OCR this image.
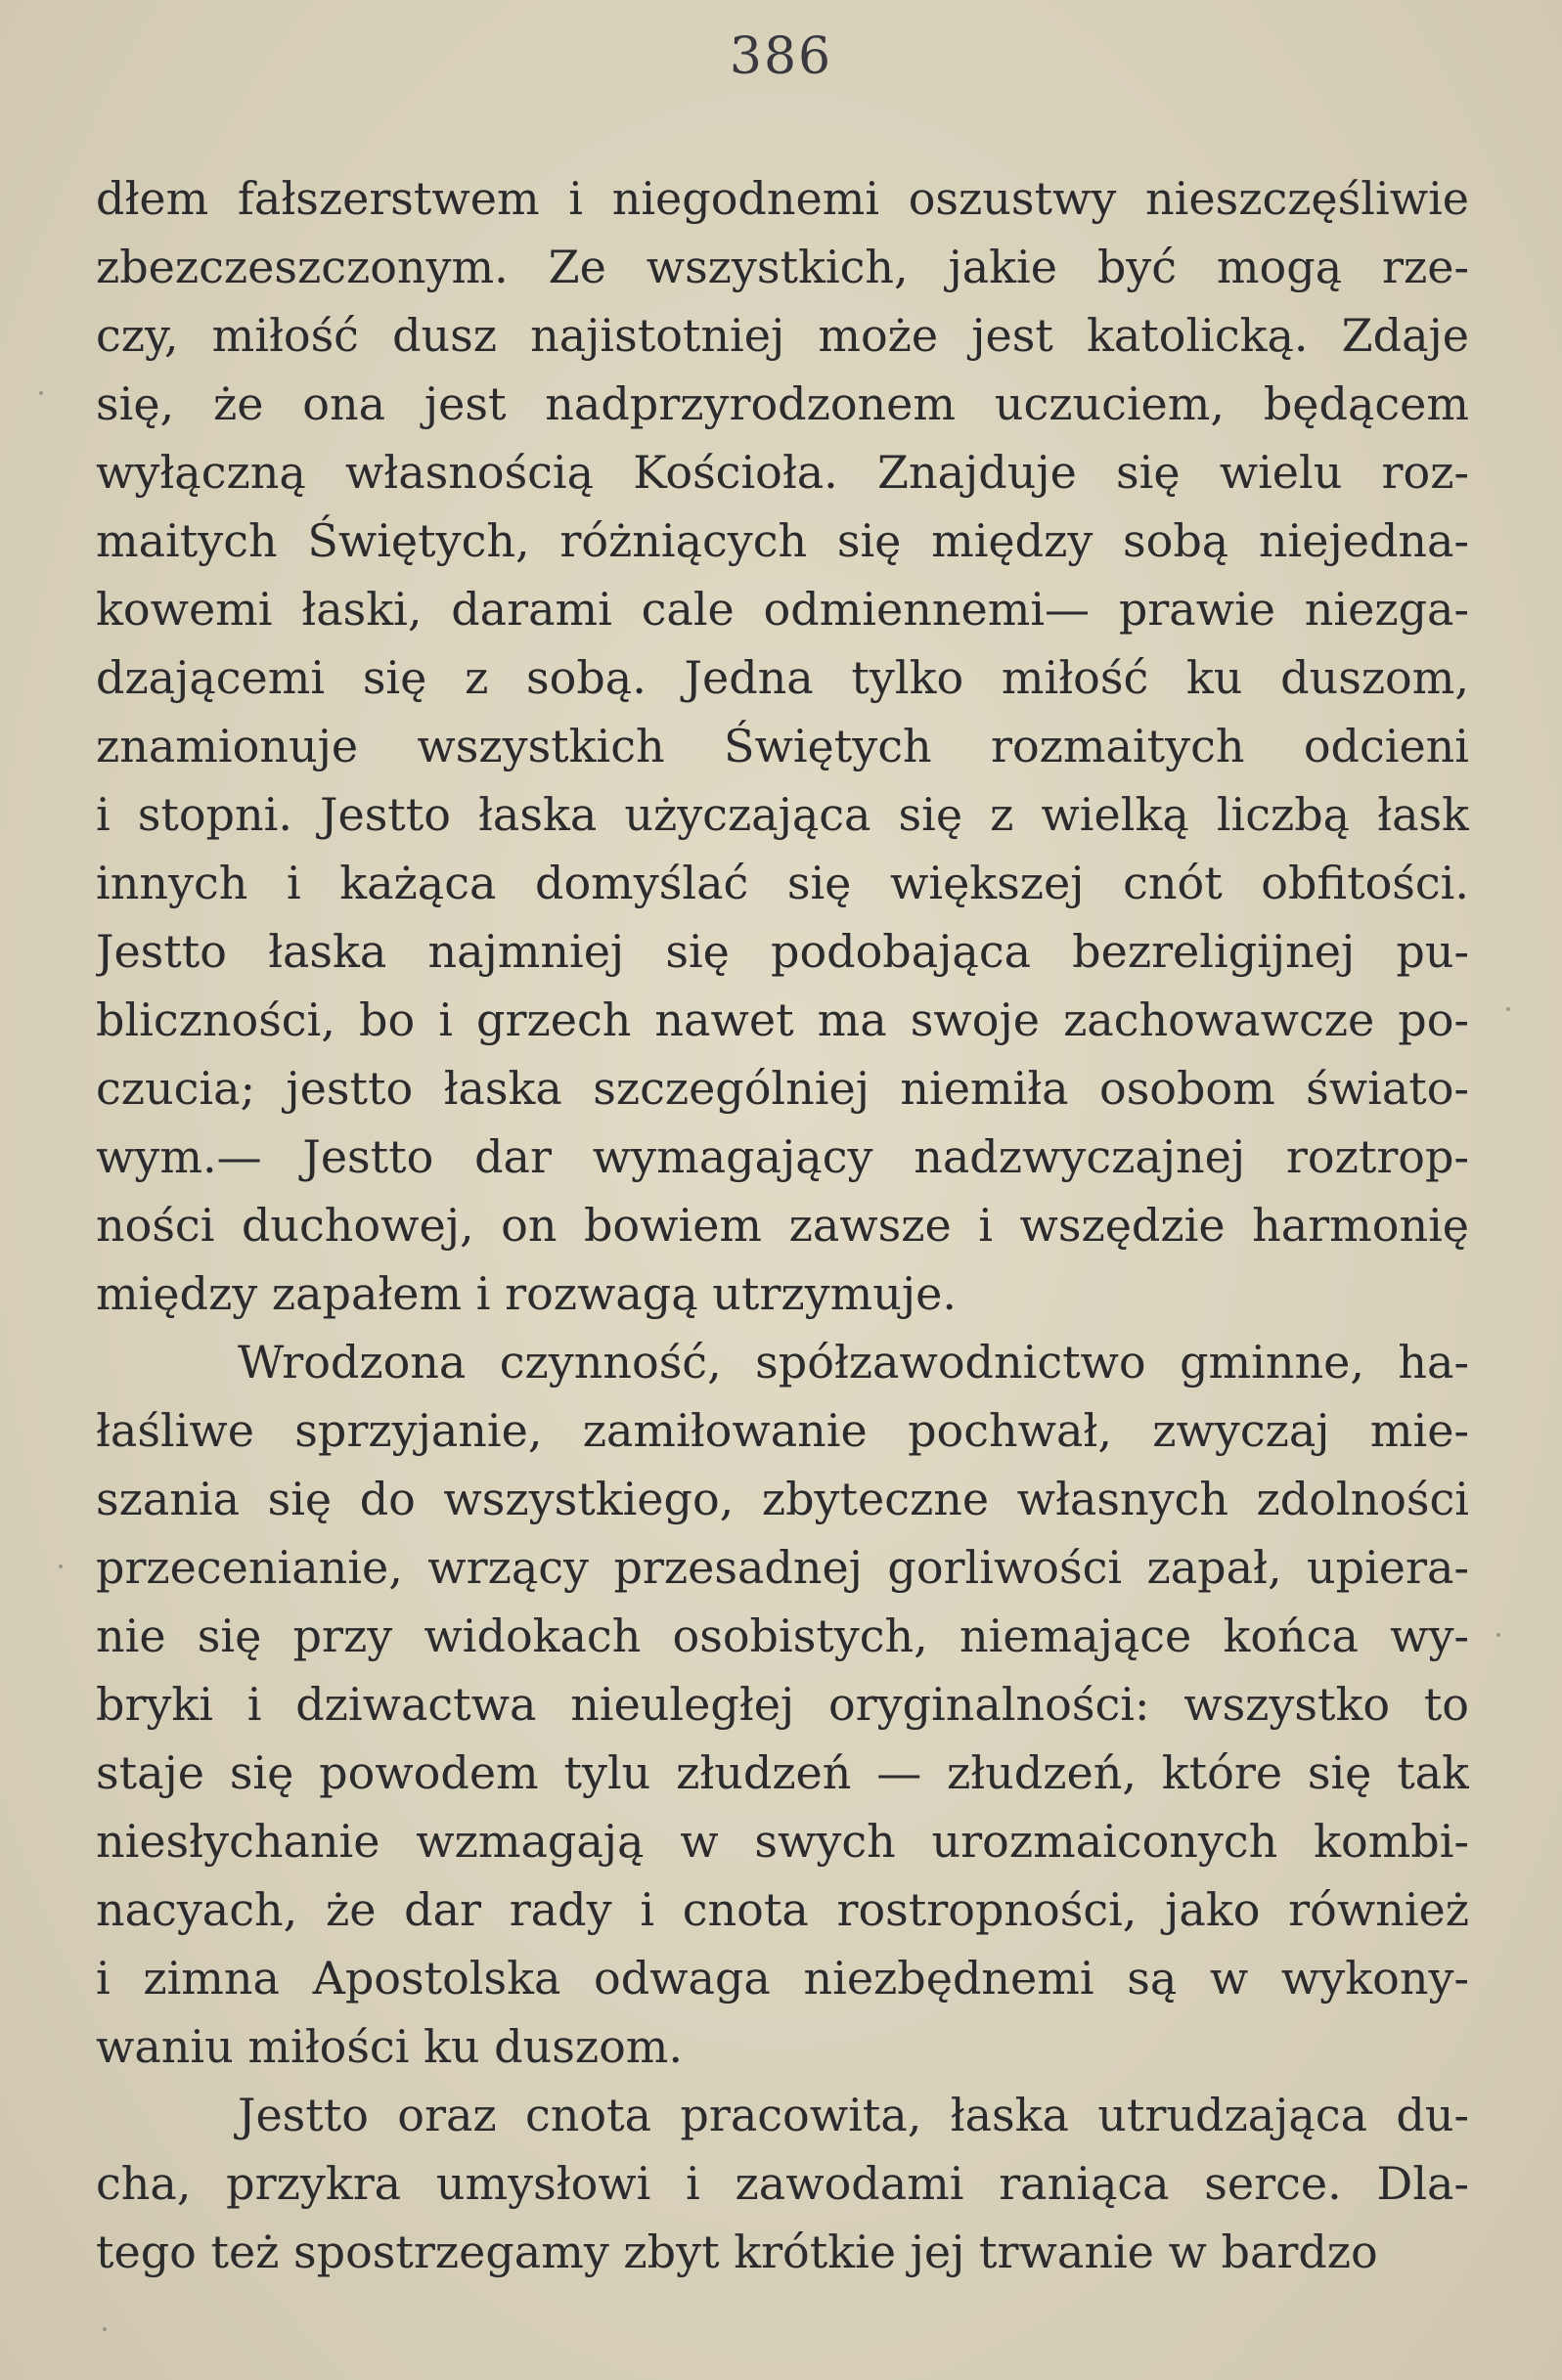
386
dłem fałszerstwem i niegodnemi oszustwy nieszczęśliwie
zbezczeszczonym. Ze wszystkich, jakie być mogą rze-
czy, miłość dusz najistotniej może jest katolicką. Zdaje
się, że ona jest nadprzyrodzonem uczuciem, będącem
wyłączną własnością Kościoła. Znajduje się wielu roz-
maitych Świętych, różniących się między sobą niejedna-
kowemi łaski, darami cale odmiennemi— prawie niezga-
dzającemi się z sobą. Jedna tylko miłość ku duszom,
znamionuje wszystkich Świętych rozmaitych odcieni
i stopni. Jestto łaska użyczająca się z wielką liczbą łask
innych i każąca domyślać się większej cnót obfitości.
Jestto łaska najmniej się podobająca bezreligijnej pu-
bliczności, bo i grzech nawet ma swoje zachowawcze po-
czucia; jestto łaska szczególniej niemiła osobom świato-
wym.— Jestto dar wymagający nadzwyczajnej roztrop-
ności duchowej, on bowiem zawsze i wszędzie harmonię
między zapałem i rozwagą utrzymuje.
Wrodzona czynność, spółzawodnictwo gminne, ha-
łaśliwe sprzyjanie, zamiłowanie pochwał, zwyczaj mie-
szania się do wszystkiego, zbyteczne własnych zdolności
przecenianie, wrzący przesadnej gorliwości zapał, upiera-
nie się przy widokach osobistych, niemające końca wy-
bryki i dziwactwa nieuległej oryginalności: wszystko to
staje się powodem tylu złudzeń — złudzeń, które się tak
niesłychanie wzmagają w swych urozmaiconych kombi-
nacyach, że dar rady i cnota rostropności, jako również
i zimna Apostolska odwaga niezbędnemi są w wykony-
waniu miłości ku duszom.
Jestto oraz cnota pracowita, łaska utrudzająca du-
cha, przykra umysłowi i zawodami raniąca serce. Dla-
tego też spostrzegamy zbyt krótkie jej trwanie w bardzo
